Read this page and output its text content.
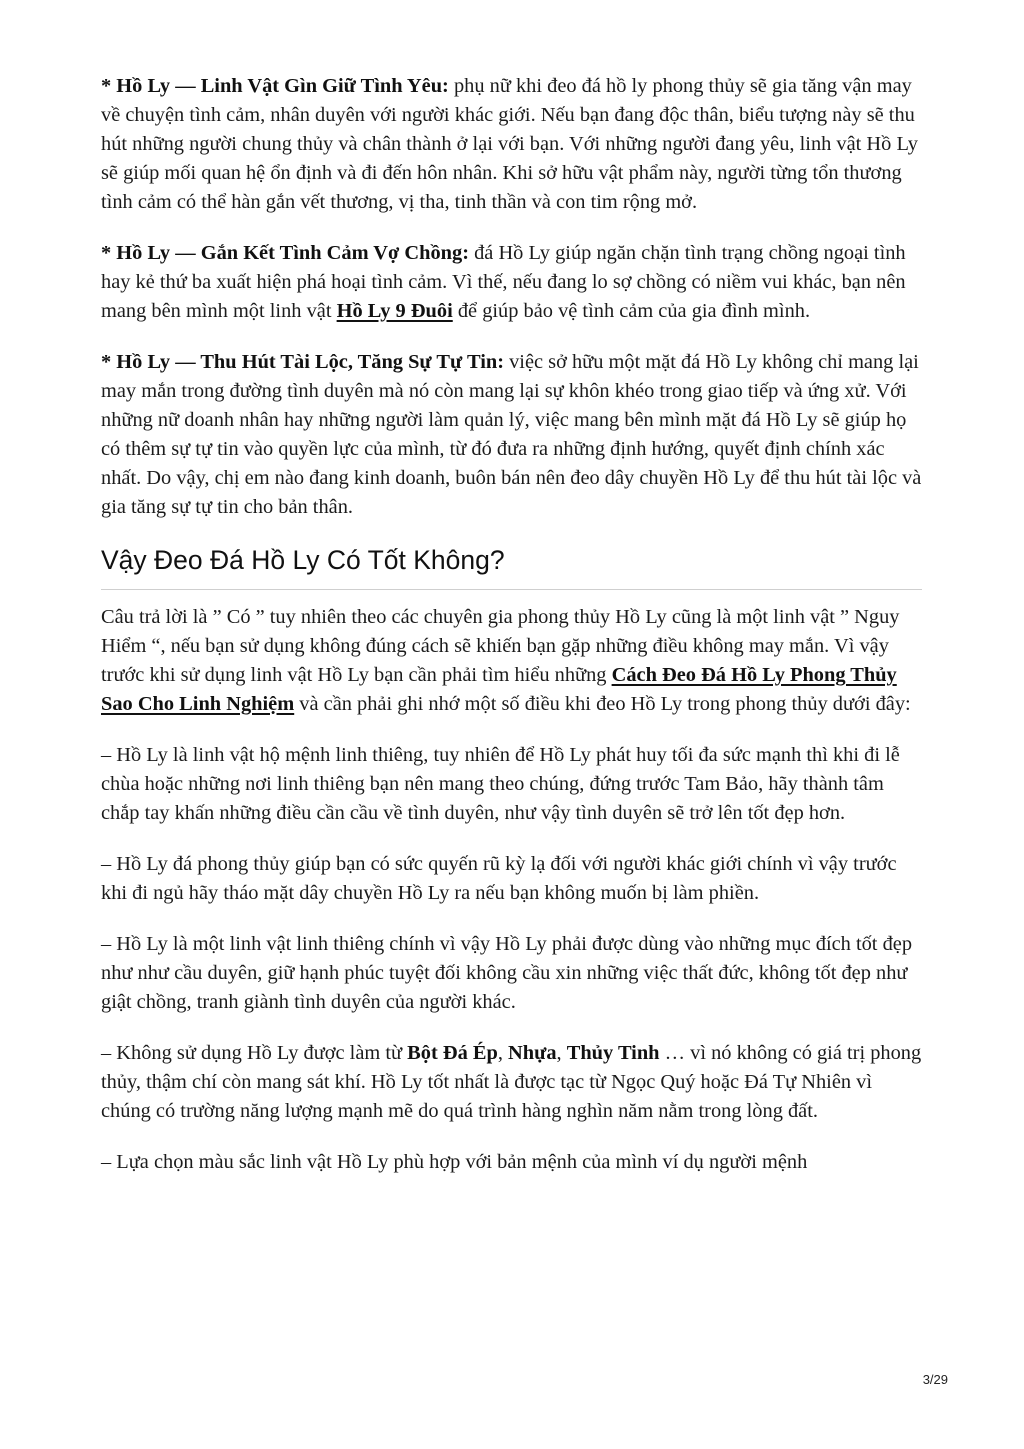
* Hồ Ly — Linh Vật Gìn Giữ Tình Yêu: phụ nữ khi đeo đá hồ ly phong thủy sẽ gia tăng vận may về chuyện tình cảm, nhân duyên với người khác giới. Nếu bạn đang độc thân, biểu tượng này sẽ thu hút những người chung thủy và chân thành ở lại với bạn. Với những người đang yêu, linh vật Hồ Ly sẽ giúp mối quan hệ ổn định và đi đến hôn nhân. Khi sở hữu vật phẩm này, người từng tổn thương tình cảm có thể hàn gắn vết thương, vị tha, tinh thần và con tim rộng mở.

* Hồ Ly — Gắn Kết Tình Cảm Vợ Chồng: đá Hồ Ly giúp ngăn chặn tình trạng chồng ngoại tình hay kẻ thứ ba xuất hiện phá hoại tình cảm. Vì thế, nếu đang lo sợ chồng có niềm vui khác, bạn nên mang bên mình một linh vật Hồ Ly 9 Đuôi để giúp bảo vệ tình cảm của gia đình mình.

* Hồ Ly — Thu Hút Tài Lộc, Tăng Sự Tự Tin: việc sở hữu một mặt đá Hồ Ly không chỉ mang lại may mắn trong đường tình duyên mà nó còn mang lại sự khôn khéo trong giao tiếp và ứng xử. Với những nữ doanh nhân hay những người làm quản lý, việc mang bên mình mặt đá Hồ Ly sẽ giúp họ có thêm sự tự tin vào quyền lực của mình, từ đó đưa ra những định hướng, quyết định chính xác nhất. Do vậy, chị em nào đang kinh doanh, buôn bán nên đeo dây chuyền Hồ Ly để thu hút tài lộc và gia tăng sự tự tin cho bản thân.

Vậy Đeo Đá Hồ Ly Có Tốt Không?

Câu trả lời là ” Có ” tuy nhiên theo các chuyên gia phong thủy Hồ Ly cũng là một linh vật ” Nguy Hiểm “, nếu bạn sử dụng không đúng cách sẽ khiến bạn gặp những điều không may mắn. Vì vậy trước khi sử dụng linh vật Hồ Ly bạn cần phải tìm hiểu những Cách Đeo Đá Hồ Ly Phong Thủy Sao Cho Linh Nghiệm và cần phải ghi nhớ một số điều khi đeo Hồ Ly trong phong thủy dưới đây:

– Hồ Ly là linh vật hộ mệnh linh thiêng, tuy nhiên để Hồ Ly phát huy tối đa sức mạnh thì khi đi lễ chùa hoặc những nơi linh thiêng bạn nên mang theo chúng, đứng trước Tam Bảo, hãy thành tâm chắp tay khấn những điều cần cầu về tình duyên, như vậy tình duyên sẽ trở lên tốt đẹp hơn.

– Hồ Ly đá phong thủy giúp bạn có sức quyến rũ kỳ lạ đối với người khác giới chính vì vậy trước khi đi ngủ hãy tháo mặt dây chuyền Hồ Ly ra nếu bạn không muốn bị làm phiền.

– Hồ Ly là một linh vật linh thiêng chính vì vậy Hồ Ly phải được dùng vào những mục đích tốt đẹp như như cầu duyên, giữ hạnh phúc tuyệt đối không cầu xin những việc thất đức, không tốt đẹp như giật chồng, tranh giành tình duyên của người khác.

– Không sử dụng Hồ Ly được làm từ Bột Đá Ép, Nhựa, Thủy Tinh … vì nó không có giá trị phong thủy, thậm chí còn mang sát khí. Hồ Ly tốt nhất là được tạc từ Ngọc Quý hoặc Đá Tự Nhiên vì chúng có trường năng lượng mạnh mẽ do quá trình hàng nghìn năm nằm trong lòng đất.

– Lựa chọn màu sắc linh vật Hồ Ly phù hợp với bản mệnh của mình ví dụ người mệnh

3/29
